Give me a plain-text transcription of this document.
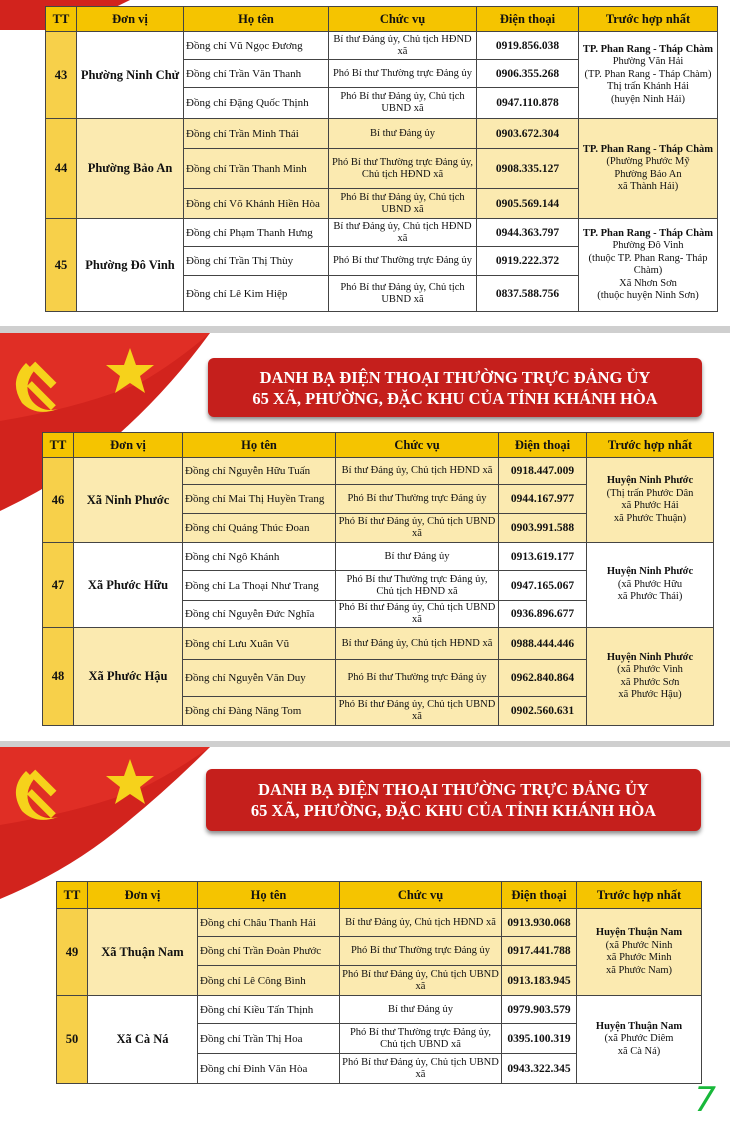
TT	Đơn vị	Họ tên	Chức vụ	Điện thoại	Trước hợp nhất
43	Phường Ninh Chử	Đồng chí Vũ Ngọc Đương	Bí thư Đảng ủy, Chủ tịch HĐND xã	0919.856.038	TP. Phan Rang - Tháp Chàm
Phường Văn Hải
(TP. Phan Rang - Tháp Chàm)
Thị trấn Khánh Hải
(huyện Ninh Hải)

		Đồng chí Trần Văn Thanh	Phó Bí thư Thường trực Đảng ủy	0906.355.268	
		Đồng chí Đặng Quốc Thịnh	Phó Bí thư Đảng ủy, Chủ tịch UBND xã	0947.110.878	
44	Phường Bảo An	Đồng chí Trần Minh Thái	Bí thư Đảng ủy	0903.672.304	TP. Phan Rang - Tháp Chàm
(Phường Phước Mỹ
Phường Bảo An
xã Thành Hải)

		Đồng chí Trần Thanh Minh	Phó Bí thư Thường trực Đảng ủy, Chủ tịch HĐND xã	0908.335.127	
		Đồng chí Võ Khánh Hiền Hòa	Phó Bí thư Đảng ủy, Chủ tịch UBND xã	0905.569.144	
45	Phường Đô Vinh	Đồng chí Phạm Thanh Hưng	Bí thư Đảng ủy, Chủ tịch HĐND xã	0944.363.797	TP. Phan Rang - Tháp Chàm
Phường Đô Vinh
(thuộc TP. Phan Rang- Tháp Chàm)
Xã Nhơn Sơn
(thuộc huyện Ninh Sơn)

		Đồng chí Trần Thị Thùy	Phó Bí thư Thường trực Đảng ủy	0919.222.372	
		Đồng chí Lê Kim Hiệp	Phó Bí thư Đảng ủy, Chủ tịch UBND xã	0837.588.756	
DANH BẠ ĐIỆN THOẠI THƯỜNG TRỰC ĐẢNG ỦY
65 XÃ, PHƯỜNG, ĐẶC KHU CỦA TỈNH KHÁNH HÒA
TT	Đơn vị	Họ tên	Chức vụ	Điện thoại	Trước hợp nhất
46	Xã Ninh Phước	Đồng chí Nguyễn Hữu Tuấn	Bí thư Đảng ủy, Chủ tịch HĐND xã	0918.447.009	Huyện Ninh Phước
(Thị trấn Phước Dân
xã Phước Hải
xã Phước Thuận)

		Đồng chí Mai Thị Huyền Trang	Phó Bí thư Thường trực Đảng ủy	0944.167.977	
		Đồng chí Quảng Thúc Đoan	Phó Bí thư Đảng ủy, Chủ tịch UBND xã	0903.991.588	
47	Xã Phước Hữu	Đồng chí Ngô Khánh	Bí thư Đảng ủy	0913.619.177	Huyện Ninh Phước
(xã Phước Hữu
xã Phước Thái)

		Đồng chí La Thoại Như Trang	Phó Bí thư Thường trực Đảng ủy, Chủ tịch HĐND xã	0947.165.067	
		Đồng chí Nguyễn Đức Nghĩa	Phó Bí thư Đảng ủy, Chủ tịch UBND xã	0936.896.677	
48	Xã Phước Hậu	Đồng chí Lưu Xuân Vũ	Bí thư Đảng ủy, Chủ tịch HĐND xã	0988.444.446	Huyện Ninh Phước
(xã Phước Vinh
xã Phước Sơn
xã Phước Hậu)

		Đồng chí Nguyễn Văn Duy	Phó Bí thư Thường trực Đảng ủy	0962.840.864	
		Đồng chí Đàng Năng Tom	Phó Bí thư Đảng ủy, Chủ tịch UBND xã	0902.560.631	
DANH BẠ ĐIỆN THOẠI THƯỜNG TRỰC ĐẢNG ỦY
65 XÃ, PHƯỜNG, ĐẶC KHU CỦA TỈNH KHÁNH HÒA
TT	Đơn vị	Họ tên	Chức vụ	Điện thoại	Trước hợp nhất
49	Xã Thuận Nam	Đồng chí Châu Thanh Hải	Bí thư Đảng ủy, Chủ tịch HĐND xã	0913.930.068	Huyện Thuận Nam
(xã Phước Ninh
xã Phước Minh
xã Phước Nam)

		Đồng chí Trần Đoàn Phước	Phó Bí thư Thường trực Đảng ủy	0917.441.788	
		Đồng chí Lê Công Bình	Phó Bí thư Đảng ủy, Chủ tịch UBND xã	0913.183.945	
50	Xã Cà Ná	Đồng chí Kiều Tấn Thịnh	Bí thư Đảng ủy	0979.903.579	Huyện Thuận Nam
(xã Phước Diêm
xã Cà Ná)

		Đồng chí Trần Thị Hoa	Phó Bí thư Thường trực Đảng ủy, Chủ tịch UBND xã	0395.100.319	
		Đồng chí Đinh Văn Hòa	Phó Bí thư Đảng ủy, Chủ tịch UBND xã	0943.322.345	
7
